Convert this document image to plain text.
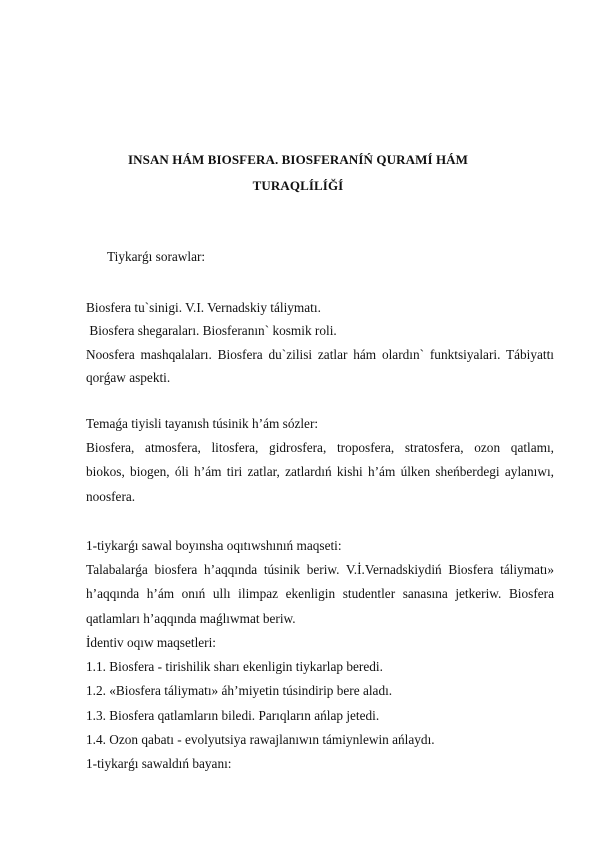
INSAN HÁM BIOSFERA. BIOSFERANÍŃ QURAMÍ HÁM
TURAQLÍLÍĞÍ
Tiykarǵı sorawlar:
Biosfera tu`sinigi. V.I. Vernadskiy táliymatı.
Biosfera shegaraları. Biosferanın` kosmik roli.
Noosfera mashqalaları. Biosfera du`zilisi zatlar hám olardın` funktsiyalari. Tábiyattı
qorǵaw aspekti.
Temaǵa tiyisli tayanısh túsinik h’ám sózler:
Biosfera, atmosfera, litosfera, gidrosfera, troposfera, stratosfera, ozon qatlamı,
biokos, biogen, óli h’ám tiri zatlar, zatlardıń kishi h’ám úlken sheńberdegi aylanıwı,
noosfera.
1-tiykarǵı sawal boyınsha oqıtıwshınıń maqseti:
Talabalarǵa biosfera h’aqqında túsinik beriw. V.İ.Vernadskiydiń Biosfera táliymatı»
h’aqqında h’ám onıń ullı ilimpaz ekenligin studentler sanasına jetkeriw. Biosfera
qatlamları h’aqqında maǵlıwmat beriw.
İdentiv oqıw maqsetleri:
1.1. Biosfera - tirishilik sharı ekenligin tiykarlap beredi.
1.2. «Biosfera táliymatı» áh’miyetin túsindirip bere aladı.
1.3. Biosfera qatlamların biledi. Parıqların ańlap jetedi.
1.4. Ozon qabatı - evolyutsiya rawajlanıwın támiynlewin ańlaydı.
1-tiykarǵı sawaldıń bayanı:
